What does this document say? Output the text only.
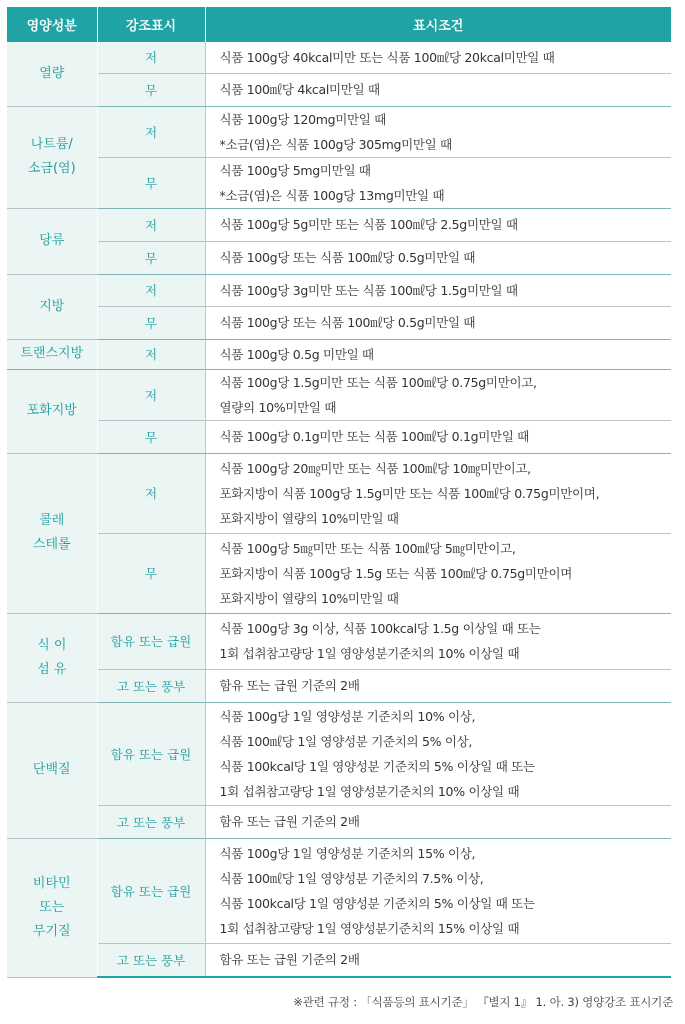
영양성분	강조표시	표시조건
열량	저	식품 100g당 40kcal미만 또는 식품 100㎖당 20kcal미만일 때

	무	식품 100㎖당 4kcal미만일 때

나트륨/
소금(염)	저	식품 100g당 120mg미만일 때
*소금(염)은 식품 100g당 305mg미만일 때

	무	식품 100g당 5mg미만일 때
*소금(염)은 식품 100g당 13mg미만일 때

당류	저	식품 100g당 5g미만 또는 식품 100㎖당 2.5g미만일 때

	무	식품 100g당 또는 식품 100㎖당 0.5g미만일 때

지방	저	식품 100g당 3g미만 또는 식품 100㎖당 1.5g미만일 때

	무	식품 100g당 또는 식품 100㎖당 0.5g미만일 때

트랜스지방	저	식품 100g당 0.5g 미만일 때

포화지방	저	식품 100g당 1.5g미만 또는 식품 100㎖당 0.75g미만이고,
열량의 10%미만일 때

	무	식품 100g당 0.1g미만 또는 식품 100㎖당 0.1g미만일 때

콜레
스테롤	저	식품 100g당 20㎎미만 또는 식품 100㎖당 10㎎미만이고,
포화지방이 식품 100g당 1.5g미만 또는 식품 100㎖당 0.75g미만이며,
포화지방이 열량의 10%미만일 때

	무	식품 100g당 5㎎미만 또는 식품 100㎖당 5㎎미만이고,
포화지방이 식품 100g당 1.5g 또는 식품 100㎖당 0.75g미만이며
포화지방이 열량의 10%미만일 때

식 이
섬 유	함유 또는 급원	식품 100g당 3g 이상, 식품 100kcal당 1.5g 이상일 때 또는
1회 섭취참고량당 1일 영양성분기준치의 10% 이상일 때

	고 또는 풍부	함유 또는 급원 기준의 2배

단백질	함유 또는 급원	식품 100g당 1일 영양성분 기준치의 10% 이상,
식품 100㎖당 1일 영양성분 기준치의 5% 이상,
식품 100kcal당 1일 영양성분 기준치의 5% 이상일 때 또는
1회 섭취참고량당 1일 영양성분기준치의 10% 이상일 때

	고 또는 풍부	함유 또는 급원 기준의 2배

비타민
또는
무기질	함유 또는 급원	식품 100g당 1일 영양성분 기준치의 15% 이상,
식품 100㎖당 1일 영양성분 기준치의 7.5% 이상,
식품 100kcal당 1일 영양성분 기준치의 5% 이상일 때 또는
1회 섭취참고량당 1일 영양성분기준치의 15% 이상일 때

	고 또는 풍부	함유 또는 급원 기준의 2배
※관련 규정 : 「식품등의 표시기준」 『별지 1』 1. 아. 3) 영양강조 표시기준
